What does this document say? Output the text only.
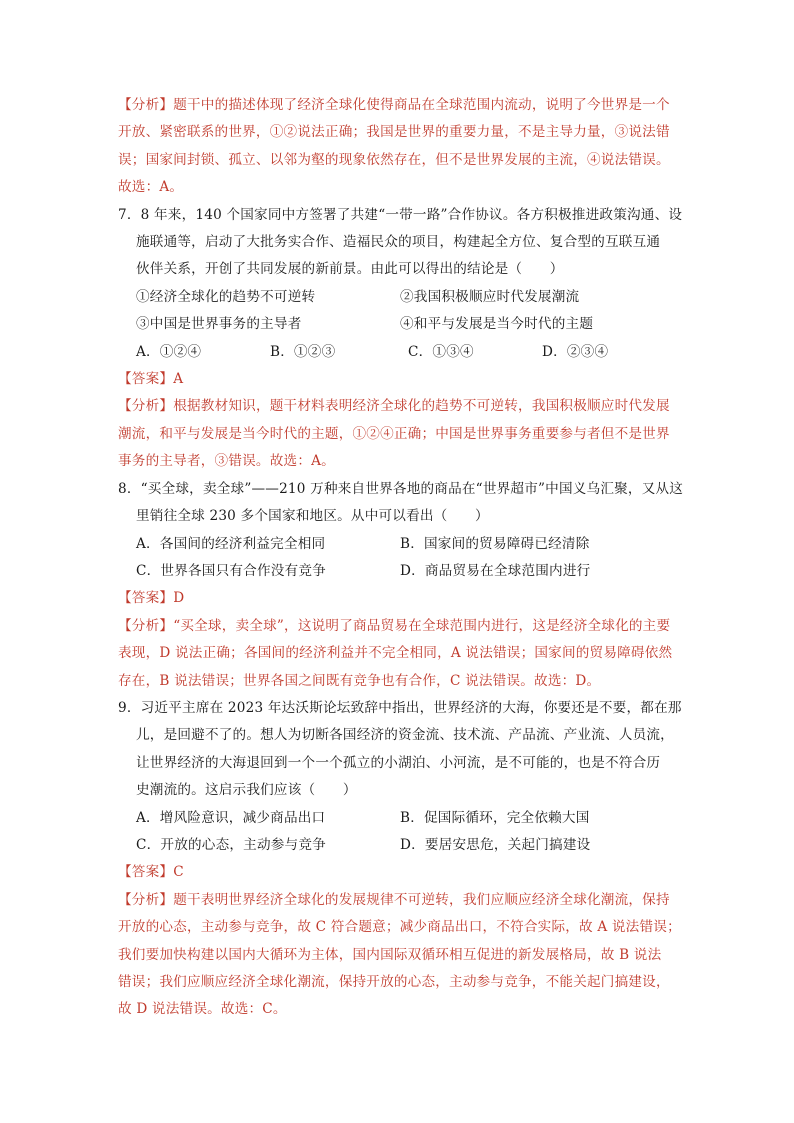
【分析】题干中的描述体现了经济全球化使得商品在全球范围内流动，说明了今世界是一个
开放、紧密联系的世界，①②说法正确；我国是世界的重要力量，不是主导力量，③说法错
误；国家间封锁、孤立、以邻为壑的现象依然存在，但不是世界发展的主流，④说法错误。
故选：A。
7．8 年来，140 个国家同中方签署了共建“一带一路”合作协议。各方积极推进政策沟通、设
施联通等，启动了大批务实合作、造福民众的项目，构建起全方位、复合型的互联互通
伙伴关系，开创了共同发展的新前景。由此可以得出的结论是（　　）
①经济全球化的趋势不可逆转	②我国积极顺应时代发展潮流
③中国是世界事务的主导者	④和平与发展是当今时代的主题
A．①②④	B．①②③	C．①③④	D．②③④
【答案】A
【分析】根据教材知识，题干材料表明经济全球化的趋势不可逆转，我国积极顺应时代发展
潮流，和平与发展是当今时代的主题，①②④正确；中国是世界事务重要参与者但不是世界
事务的主导者，③错误。故选：A。
8．“买全球，卖全球”——210 万种来自世界各地的商品在“世界超市”中国义乌汇聚，又从这
里销往全球 230 多个国家和地区。从中可以看出（　　）
A．各国间的经济利益完全相同	B．国家间的贸易障碍已经清除
C．世界各国只有合作没有竞争	D．商品贸易在全球范围内进行
【答案】D
【分析】“买全球，卖全球”，这说明了商品贸易在全球范围内进行，这是经济全球化的主要
表现，D 说法正确；各国间的经济利益并不完全相同，A 说法错误；国家间的贸易障碍依然
存在，B 说法错误；世界各国之间既有竞争也有合作，C 说法错误。故选：D。
9．习近平主席在 2023 年达沃斯论坛致辞中指出，世界经济的大海，你要还是不要，都在那
儿，是回避不了的。想人为切断各国经济的资金流、技术流、产品流、产业流、人员流，
让世界经济的大海退回到一个一个孤立的小湖泊、小河流，是不可能的，也是不符合历
史潮流的。这启示我们应该（　　）
A．增风险意识，减少商品出口	B．促国际循环，完全依赖大国
C．开放的心态，主动参与竞争	D．要居安思危，关起门搞建设
【答案】C
【分析】题干表明世界经济全球化的发展规律不可逆转，我们应顺应经济全球化潮流，保持
开放的心态，主动参与竞争，故 C 符合题意；减少商品出口，不符合实际，故 A 说法错误；
我们要加快构建以国内大循环为主体，国内国际双循环相互促进的新发展格局，故 B 说法
错误；我们应顺应经济全球化潮流，保持开放的心态，主动参与竞争，不能关起门搞建设，
故 D 说法错误。故选：C。
